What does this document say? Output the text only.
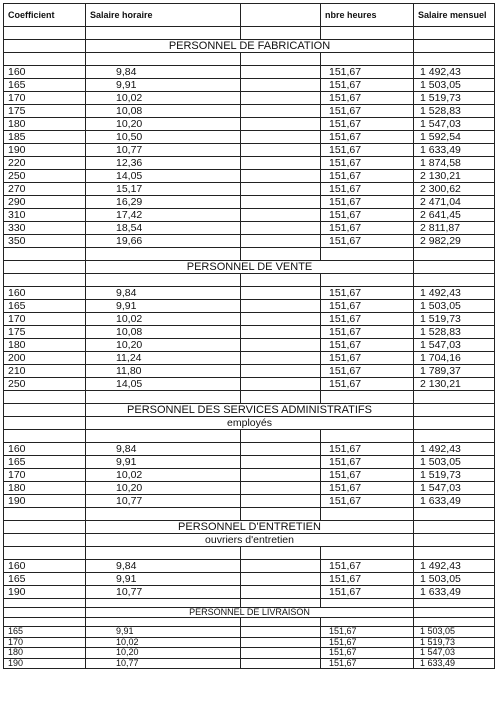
Coefficient	Salaire horaire		nbre heures	Salaire mensuel

	PERSONNEL DE FABRICATION			

160	9,84		151,67	1 492,43
165	9,91		151,67	1 503,05
170	10,02		151,67	1 519,73
175	10,08		151,67	1 528,83
180	10,20		151,67	1 547,03
185	10,50		151,67	1 592,54
190	10,77		151,67	1 633,49
220	12,36		151,67	1 874,58
250	14,05		151,67	2 130,21
270	15,17		151,67	2 300,62
290	16,29		151,67	2 471,04
310	17,42		151,67	2 641,45
330	18,54		151,67	2 811,87
350	19,66		151,67	2 982,29

	PERSONNEL DE VENTE			

160	9,84		151,67	1 492,43
165	9,91		151,67	1 503,05
170	10,02		151,67	1 519,73
175	10,08		151,67	1 528,83
180	10,20		151,67	1 547,03
200	11,24		151,67	1 704,16
210	11,80		151,67	1 789,37
250	14,05		151,67	2 130,21

	PERSONNEL DES SERVICES ADMINISTRATIFS			
	employés			

160	9,84		151,67	1 492,43
165	9,91		151,67	1 503,05
170	10,02		151,67	1 519,73
180	10,20		151,67	1 547,03
190	10,77		151,67	1 633,49

	PERSONNEL D'ENTRETIEN			
	ouvriers d'entretien			

160	9,84		151,67	1 492,43
165	9,91		151,67	1 503,05
190	10,77		151,67	1 633,49

	PERSONNEL DE LIVRAISON			

165	9,91		151,67	1 503,05
170	10,02		151,67	1 519,73
180	10,20		151,67	1 547,03
190	10,77		151,67	1 633,49
